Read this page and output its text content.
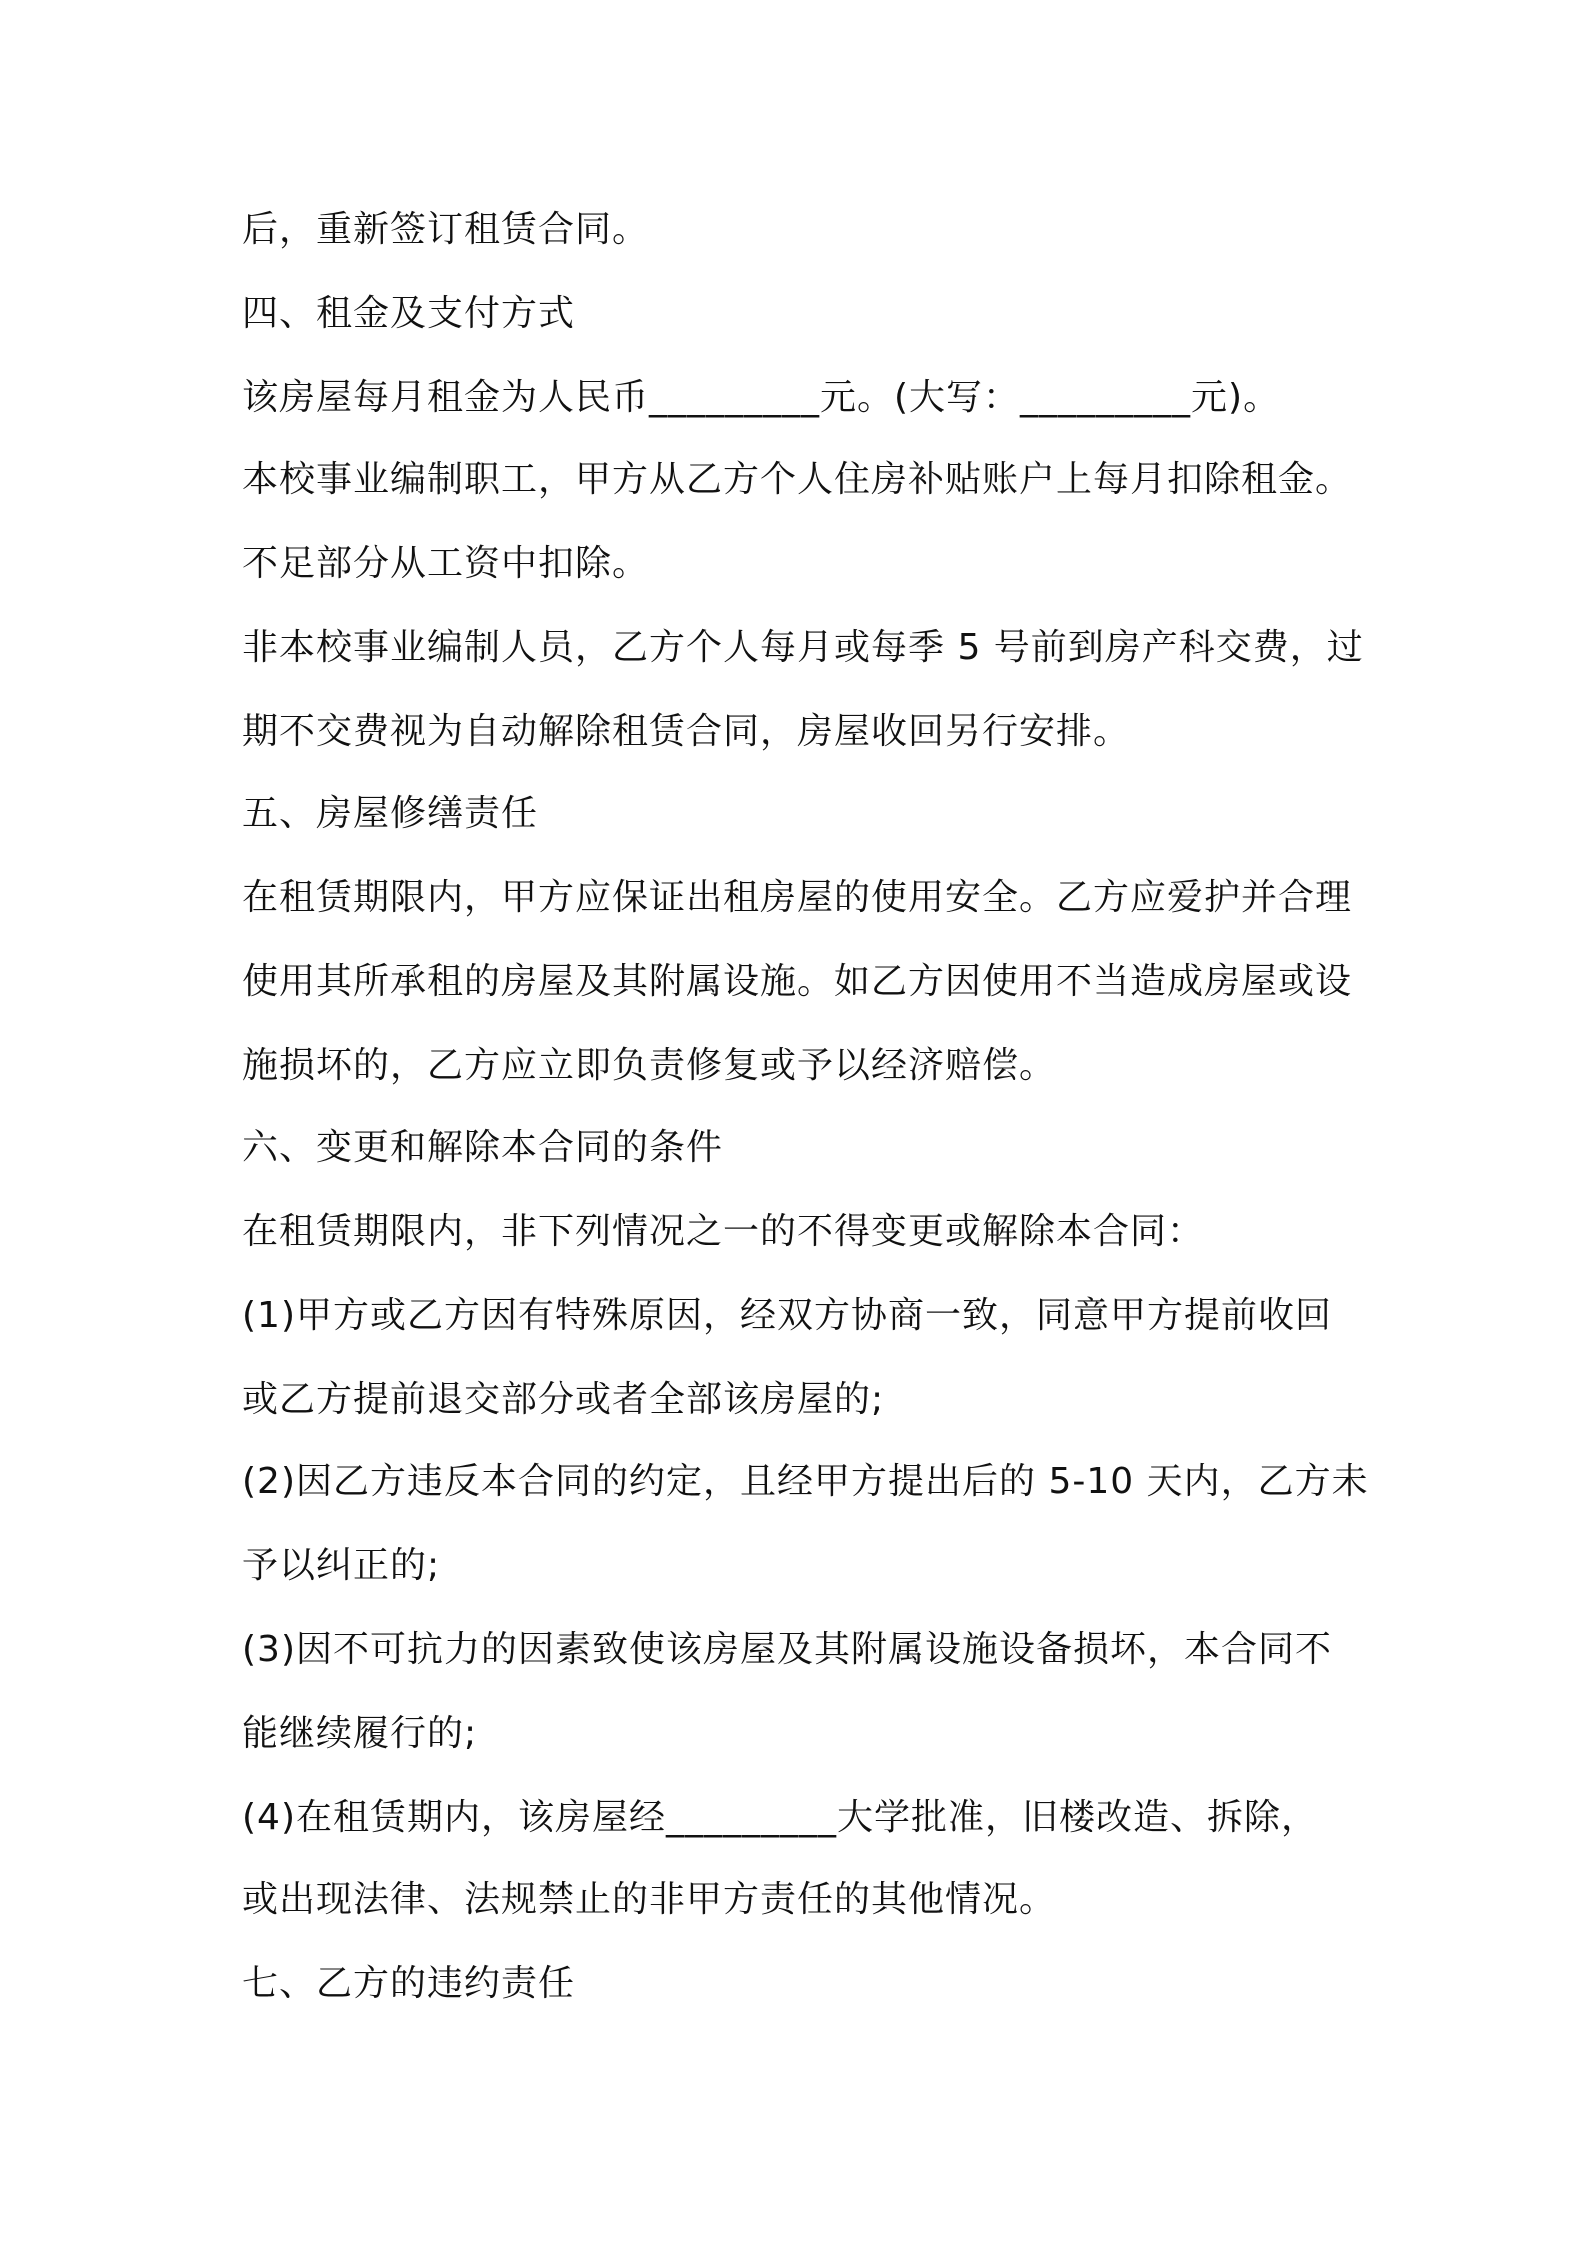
后，重新签订租赁合同。

四、租金及支付方式

该房屋每月租金为人民币_________元。(大写：_________元)。

本校事业编制职工，甲方从乙方个人住房补贴账户上每月扣除租金。

不足部分从工资中扣除。

非本校事业编制人员，乙方个人每月或每季 5 号前到房产科交费，过

期不交费视为自动解除租赁合同，房屋收回另行安排。

五、房屋修缮责任

在租赁期限内，甲方应保证出租房屋的使用安全。乙方应爱护并合理

使用其所承租的房屋及其附属设施。如乙方因使用不当造成房屋或设

施损坏的，乙方应立即负责修复或予以经济赔偿。

六、变更和解除本合同的条件

在租赁期限内，非下列情况之一的不得变更或解除本合同：

(1)甲方或乙方因有特殊原因，经双方协商一致，同意甲方提前收回

或乙方提前退交部分或者全部该房屋的;

(2)因乙方违反本合同的约定，且经甲方提出后的 5-10 天内，乙方未

予以纠正的;

(3)因不可抗力的因素致使该房屋及其附属设施设备损坏，本合同不

能继续履行的;

(4)在租赁期内，该房屋经_________大学批准，旧楼改造、拆除，

或出现法律、法规禁止的非甲方责任的其他情况。

七、乙方的违约责任
